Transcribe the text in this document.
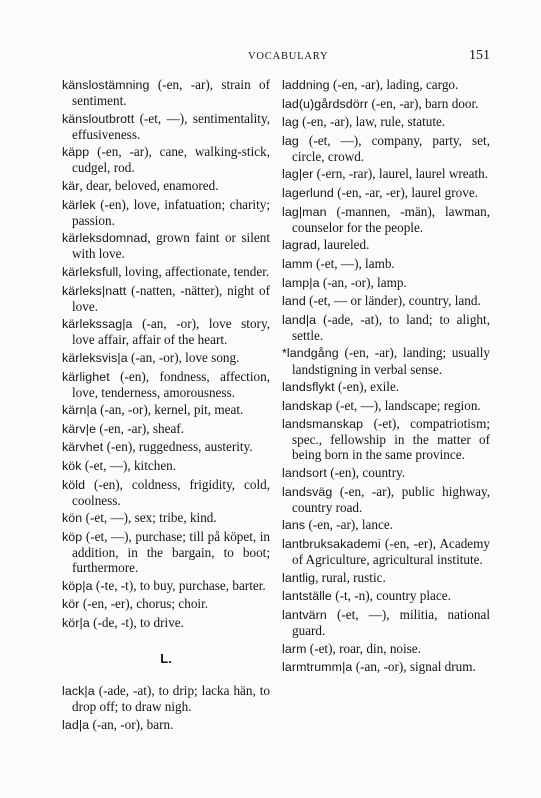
VOCABULARY	151
känslostämning (-en, -ar), strain of sentiment.
känsloutbrott (-et, —), sentimentality, effusiveness.
käpp (-en, -ar), cane, walking-stick, cudgel, rod.
kär, dear, beloved, enamored.
kärlek (-en), love, infatuation; charity; passion.
kärleksdomnad, grown faint or silent with love.
kärleksfull, loving, affectionate, tender.
kärleks|natt (-natten, -nätter), night of love.
kärlekssag|a (-an, -or), love story, love affair, affair of the heart.
kärleksvis|a (-an, -or), love song.
kärlighet (-en), fondness, affection, love, tenderness, amorousness.
kärn|a (-an, -or), kernel, pit, meat.
kärv|e (-en, -ar), sheaf.
kärvhet (-en), ruggedness, austerity.
kök (-et, —), kitchen.
köld (-en), coldness, frigidity, cold, coolness.
kön (-et, —), sex; tribe, kind.
köp (-et, —), purchase; till på köpet, in addition, in the bargain, to boot; furthermore.
köp|a (-te, -t), to buy, purchase, barter.
kör (-en, -er), chorus; choir.
kör|a (-de, -t), to drive.
L.
lack|a (-ade, -at), to drip; lacka hän, to drop off; to draw nigh.
lad|a (-an, -or), barn.
laddning (-en, -ar), lading, cargo.
lad(u)gårdsdörr (-en, -ar), barn door.
lag (-en, -ar), law, rule, statute.
lag (-et, —), company, party, set, circle, crowd.
lag|er (-ern, -rar), laurel, laurel wreath.
lagerlund (-en, -ar, -er), laurel grove.
lag|man (-mannen, -män), lawman, counselor for the people.
lagrad, laureled.
lamm (-et, —), lamb.
lamp|a (-an, -or), lamp.
land (-et, — or länder), country, land.
land|a (-ade, -at), to land; to alight, settle.
*landgång (-en, -ar), landing; usually landstigning in verbal sense.
landsflykt (-en), exile.
landskap (-et, —), landscape; region.
landsmanskap (-et), compatriotism; spec., fellowship in the matter of being born in the same province.
landsort (-en), country.
landsväg (-en, -ar), public highway, country road.
lans (-en, -ar), lance.
lantbruksakademi (-en, -er), Academy of Agriculture, agricultural institute.
lantlig, rural, rustic.
lantställe (-t, -n), country place.
lantvärn (-et, —), militia, national guard.
larm (-et), roar, din, noise.
larmtrumm|a (-an, -or), signal drum.
